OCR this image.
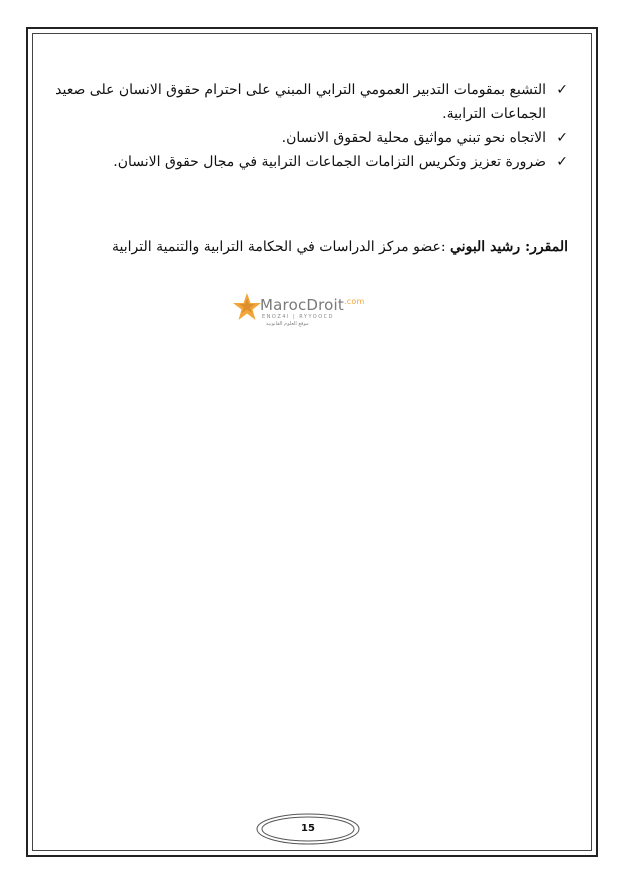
✓
التشبع بمقومات التدبير العمومي الترابي المبني على احترام حقوق الانسان على صعيد الجماعات الترابية.
✓
الاتجاه نحو تبني مواثيق محلية لحقوق الانسان.
✓
ضرورة تعزيز وتكريس التزامات الجماعات الترابية في مجال حقوق الانسان.
المقرر: رشيد البوني :عضو مركز الدراسات في الحكامة الترابية والتنمية الترابية
MarocDroit$^{.com}$
ENOZ4I | RYYOOCD
موقع العلوم القانونية
15
